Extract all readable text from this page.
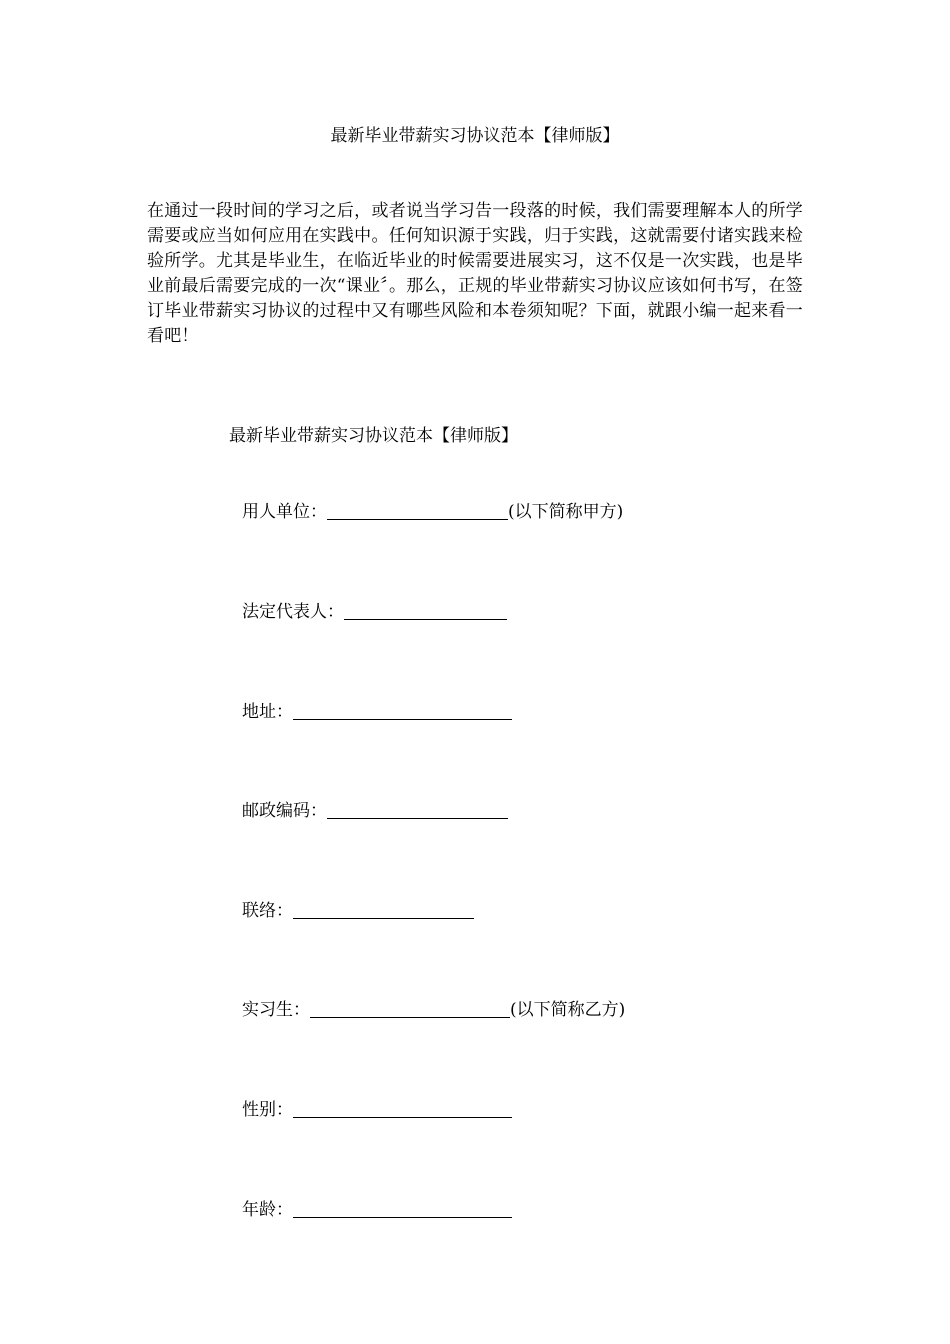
最新毕业带薪实习协议范本【律师版】

在通过一段时间的学习之后，或者说当学习告一段落的时候，我们需要理解本人的所学需要或应当如何应用在实践中。任何知识源于实践，归于实践，这就需要付诸实践来检验所学。尤其是毕业生，在临近毕业的时候需要进展实习，这不仅是一次实践，也是毕业前最后需要完成的一次“课业〞。那么，正规的毕业带薪实习协议应该如何书写，在签订毕业带薪实习协议的过程中又有哪些风险和本卷须知呢？下面，就跟小编一起来看一看吧！

最新毕业带薪实习协议范本【律师版】
用人单位：	(以下简称甲方)
法定代表人：
地址：
邮政编码：
联络：
实习生：	(以下简称乙方)
性别：
年龄：
